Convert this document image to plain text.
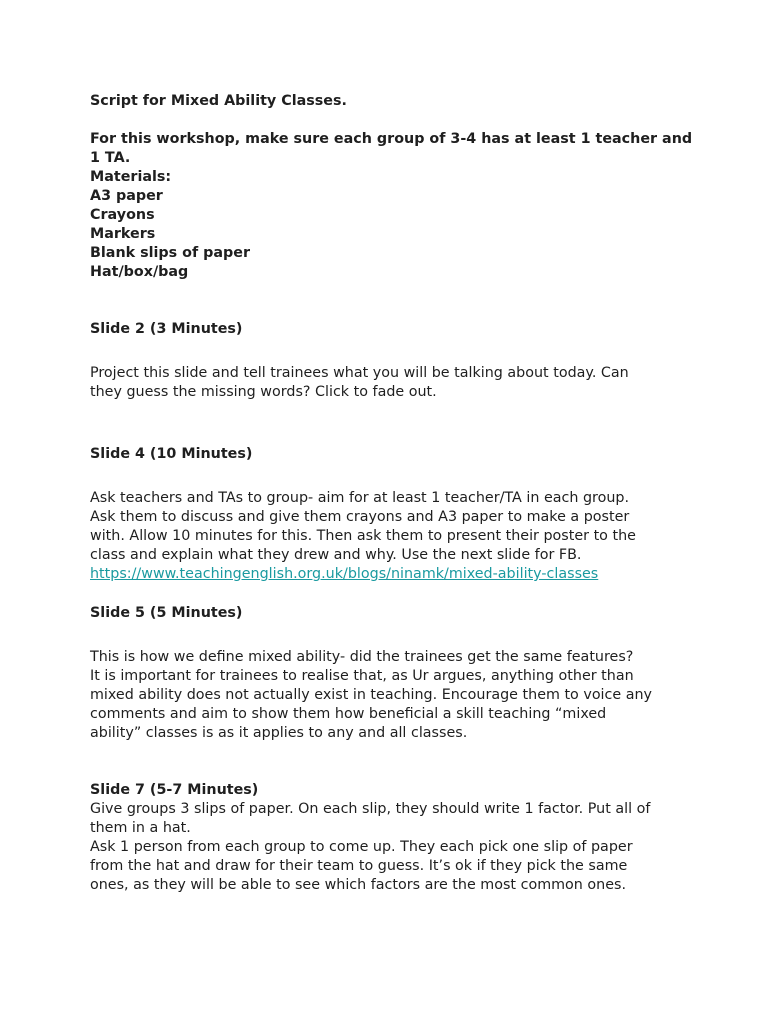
Script for Mixed Ability Classes.
For this workshop, make sure each group of 3-4 has at least 1 teacher and
1 TA.
Materials:
A3 paper
Crayons
Markers
Blank slips of paper
Hat/box/bag
Slide 2 (3 Minutes)
Project this slide and tell trainees what you will be talking about today. Can
they guess the missing words? Click to fade out.
Slide 4 (10 Minutes)
Ask teachers and TAs to group- aim for at least 1 teacher/TA in each group.
Ask them to discuss and give them crayons and A3 paper to make a poster
with. Allow 10 minutes for this. Then ask them to present their poster to the
class and explain what they drew and why. Use the next slide for FB.
https://www.teachingenglish.org.uk/blogs/ninamk/mixed-ability-classes
Slide 5 (5 Minutes)
This is how we define mixed ability- did the trainees get the same features?
It is important for trainees to realise that, as Ur argues, anything other than
mixed ability does not actually exist in teaching. Encourage them to voice any
comments and aim to show them how beneficial a skill teaching “mixed
ability” classes is as it applies to any and all classes.
Slide 7 (5-7 Minutes)
Give groups 3 slips of paper. On each slip, they should write 1 factor. Put all of
them in a hat.
Ask 1 person from each group to come up. They each pick one slip of paper
from the hat and draw for their team to guess. It’s ok if they pick the same
ones, as they will be able to see which factors are the most common ones.
